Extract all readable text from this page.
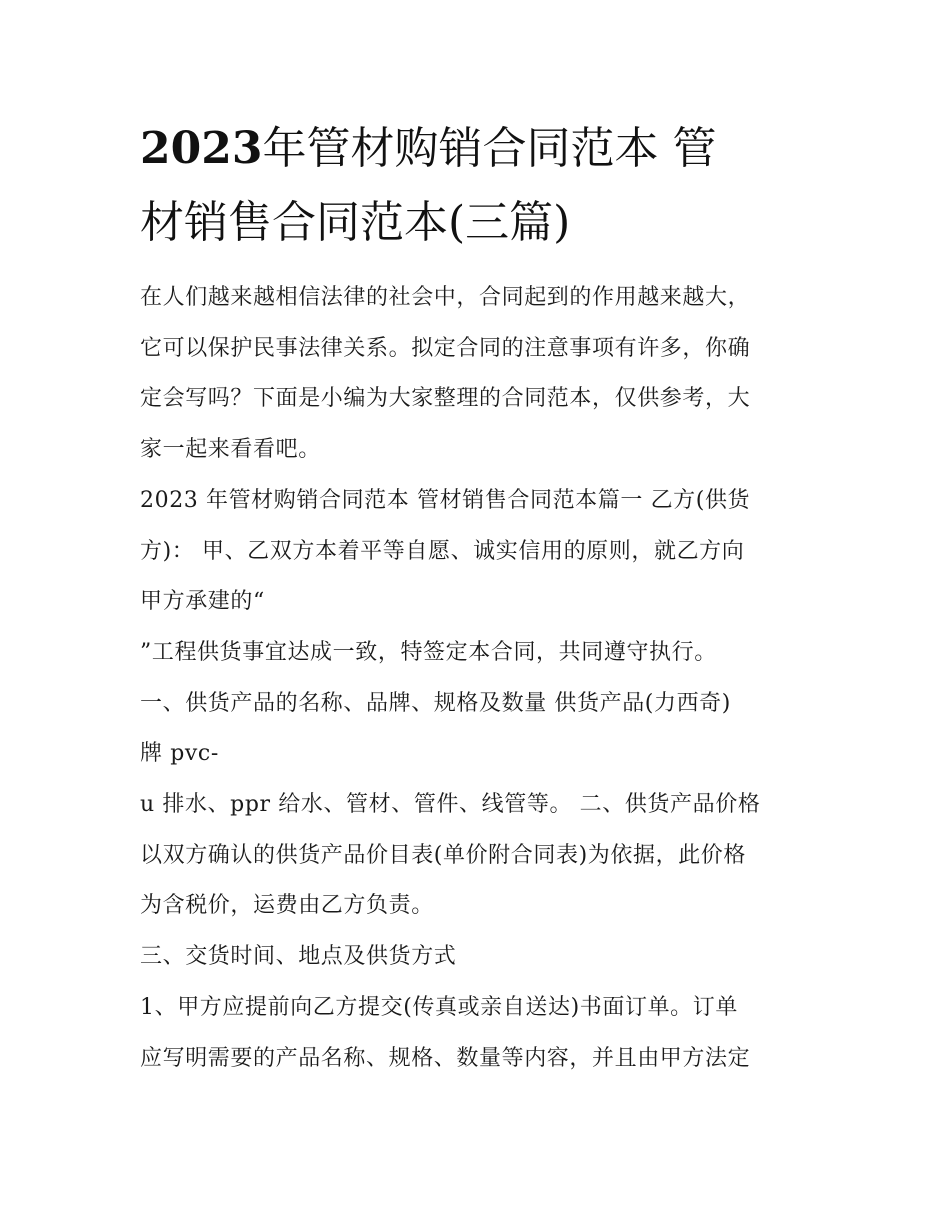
2023年管材购销合同范本 管
材销售合同范本(三篇)
在人们越来越相信法律的社会中，合同起到的作用越来越大，
它可以保护民事法律关系。拟定合同的注意事项有许多，你确
定会写吗？下面是小编为大家整理的合同范本，仅供参考，大
家一起来看看吧。
2023 年管材购销合同范本 管材销售合同范本篇一 乙方(供货
方)： 甲、乙双方本着平等自愿、诚实信用的原则，就乙方向
甲方承建的“
”工程供货事宜达成一致，特签定本合同，共同遵守执行。
一、供货产品的名称、品牌、规格及数量 供货产品(力西奇)
牌 pvc-
u 排水、ppr 给水、管材、管件、线管等。 二、供货产品价格
以双方确认的供货产品价目表(单价附合同表)为依据，此价格
为含税价，运费由乙方负责。
三、交货时间、地点及供货方式
1、甲方应提前向乙方提交(传真或亲自送达)书面订单。订单
应写明需要的产品名称、规格、数量等内容，并且由甲方法定
